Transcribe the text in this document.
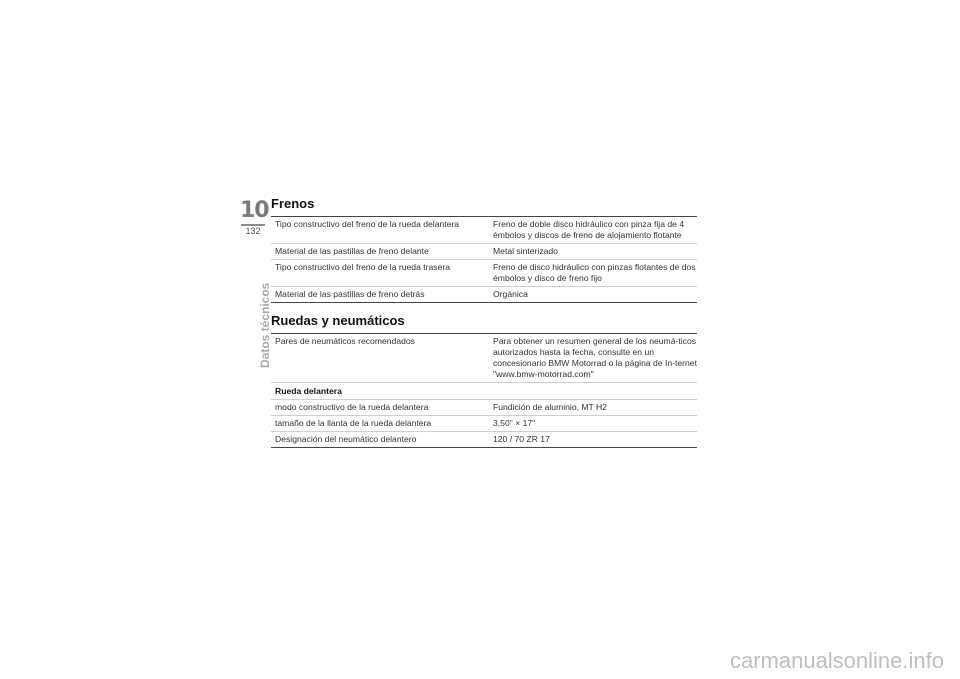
10
132
Datos técnicos
Frenos
Tipo constructivo del freno de la rueda delantera	Freno de doble disco hidráulico con pinza fija de 4 émbolos y discos de freno de alojamiento flotante
Material de las pastillas de freno delante	Metal sinterizado
Tipo constructivo del freno de la rueda trasera	Freno de disco hidráulico con pinzas flotantes de dos émbolos y disco de freno fijo
Material de las pastillas de freno detrás	Orgánica
Ruedas y neumáticos
Pares de neumáticos recomendados	Para obtener un resumen general de los neumá-ticos autorizados hasta la fecha, consulte en un concesionario BMW Motorrad o la página de In-ternet "www.bmw-motorrad.com"
Rueda delantera	
modo constructivo de la rueda delantera	Fundición de aluminio, MT H2
tamaño de la llanta de la rueda delantera	3,50" × 17"
Designación del neumático delantero	120 / 70 ZR 17
carmanualsonline.info
